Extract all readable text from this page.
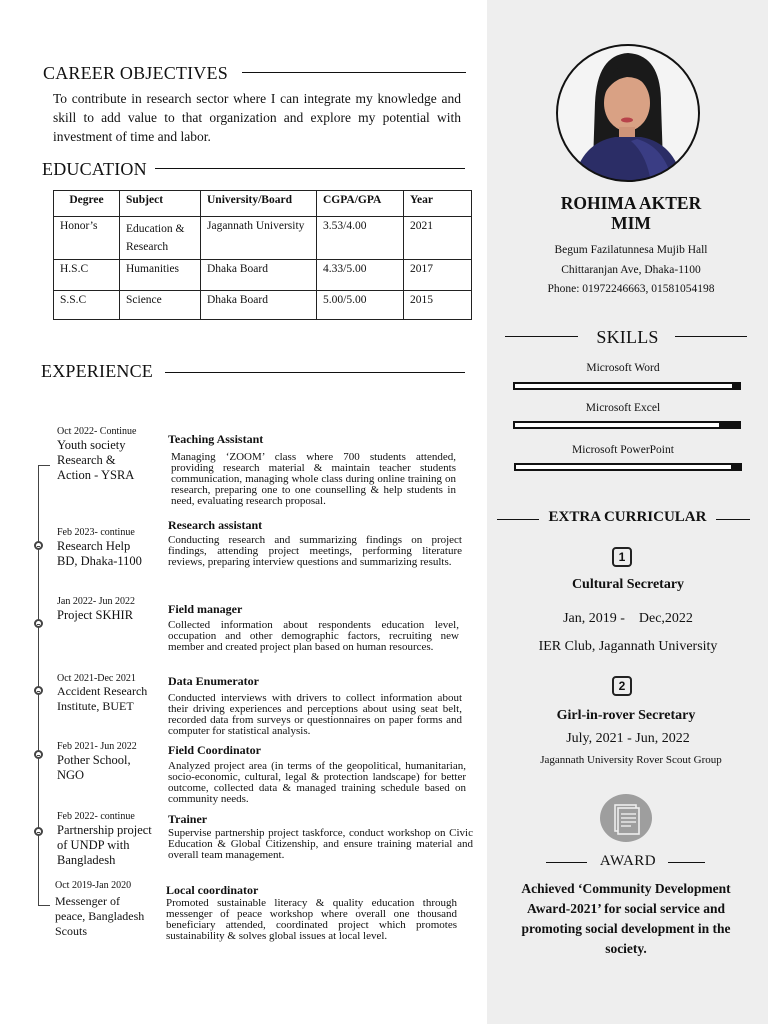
CAREER OBJECTIVES
To contribute in research sector where I can integrate my knowledge and skill to add value to that organization and explore my potential with investment of time and labor.
EDUCATION
Degree	Subject	University/Board	CGPA/GPA	Year
Honor’s	Education & Research	Jagannath University	3.53/4.00	2021
H.S.C	Humanities	Dhaka Board	4.33/5.00	2017
S.S.C	Science	Dhaka Board	5.00/5.00	2015
EXPERIENCE
Oct 2022- Continue
Youth society Research & Action - YSRA
Teaching Assistant
Managing ‘ZOOM’ class where 700 students attended, providing research material & maintain teacher students communication, managing whole class during online training on research, preparing one to one counselling & help students in need, evaluating research proposal.
Feb 2023- continue
Research Help BD, Dhaka-1100
Research assistant
Conducting research and summarizing findings on project findings, attending project meetings, performing literature reviews, preparing interview questions and summarizing results.
Jan 2022- Jun 2022
Project SKHIR	Field manager
Collected information about respondents education level, occupation and other demographic factors, recruiting new member and created project plan based on human resources.
Oct 2021-Dec 2021
Accident Research Institute, BUET
Data Enumerator
Conducted interviews with drivers to collect information about their driving experiences and perceptions about using seat belt, recorded data from surveys or questionnaires on paper forms and computer for statistical analysis.
Feb 2021- Jun 2022
Pother School, NGO
Field Coordinator
Analyzed project area (in terms of the geopolitical, humanitarian, socio-economic, cultural, legal & protection landscape) for better outcome, collected data & managed training schedule based on community needs.
Feb 2022- continue
Partnership project of UNDP with Bangladesh
Trainer
Supervise partnership project taskforce, conduct workshop on Civic Education & Global Citizenship, and ensure training material and overall team management.
Oct 2019-Jan 2020
Messenger of peace, Bangladesh Scouts
Local coordinator
Promoted sustainable literacy & quality education through messenger of peace workshop where overall one thousand beneficiary attended, coordinated project which promotes sustainability & solves global issues at local level.
ROHIMA AKTER
MIM
Begum Fazilatunnesa Mujib Hall
Chittaranjan Ave, Dhaka-1100
Phone: 01972246663, 01581054198
SKILLS
Microsoft Word
Microsoft Excel
Microsoft PowerPoint
EXTRA CURRICULAR
1
Cultural Secretary
Jan, 2019 -    Dec,2022
IER Club, Jagannath University
2
Girl-in-rover Secretary
July, 2021 - Jun, 2022
Jagannath University Rover Scout Group
AWARD
Achieved ‘Community Development Award-2021’ for social service and promoting social development in the society.
